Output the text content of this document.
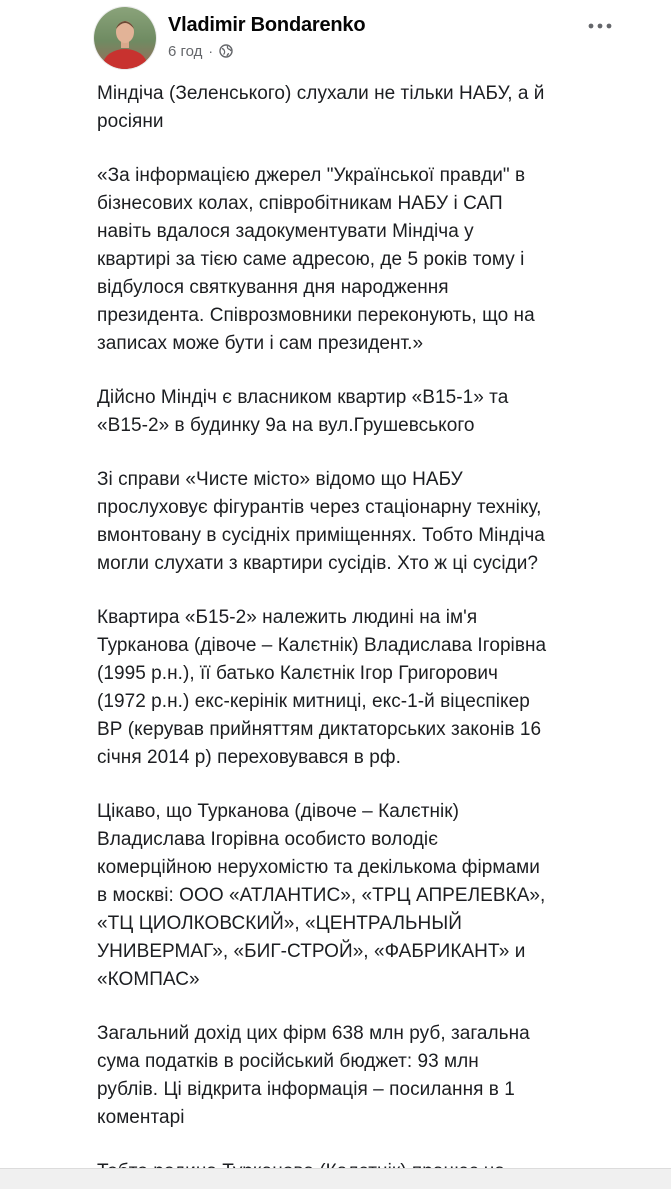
Vladimir Bondarenko
6 год ·

Міндіча (Зеленського) слухали не тільки НАБУ, а й
росіяни

«За інформацією джерел "Української правди" в
бізнесових колах, співробітникам НАБУ і САП
навіть вдалося задокументувати Міндіча у
квартирі за тією саме адресою, де 5 років тому і
відбулося святкування дня народження
президента. Співрозмовники переконують, що на
записах може бути і сам президент.»

Дійсно Міндіч є власником квартир «В15-1» та
«В15-2» в будинку 9а на вул.Грушевського

Зі справи «Чисте місто» відомо що НАБУ
прослуховує фігурантів через стаціонарну техніку,
вмонтовану в сусідніх приміщеннях. Тобто Міндіча
могли слухати з квартири сусідів. Хто ж ці сусіди?

Квартира «Б15-2» належить людині на ім'я
Турканова (дівоче – Калєтнік) Владислава Ігорівна
(1995 р.н.), її батько Калєтнік Ігор Григорович
(1972 р.н.) екс-керінік митниці, екс-1-й віцеспікер
ВР (керував прийняттям диктаторських законів 16
січня 2014 р) переховувався в рф.

Цікаво, що Турканова (дівоче – Калєтнік)
Владислава Ігорівна особисто володіє
комерційною нерухомістю та декількома фірмами
в москві: ООО «АТЛАНТИС», «ТРЦ АПРЕЛЕВКА»,
«ТЦ ЦИОЛКОВСКИЙ», «ЦЕНТРАЛЬНЫЙ
УНИВЕРМАГ», «БИГ-СТРОЙ», «ФАБРИКАНТ» и
«КОМПАС»

Загальний дохід цих фірм 638 млн руб, загальна
сума податків в російський бюджет: 93 млн
рублів. Ці відкрита інформація – посилання в 1
коментарі
